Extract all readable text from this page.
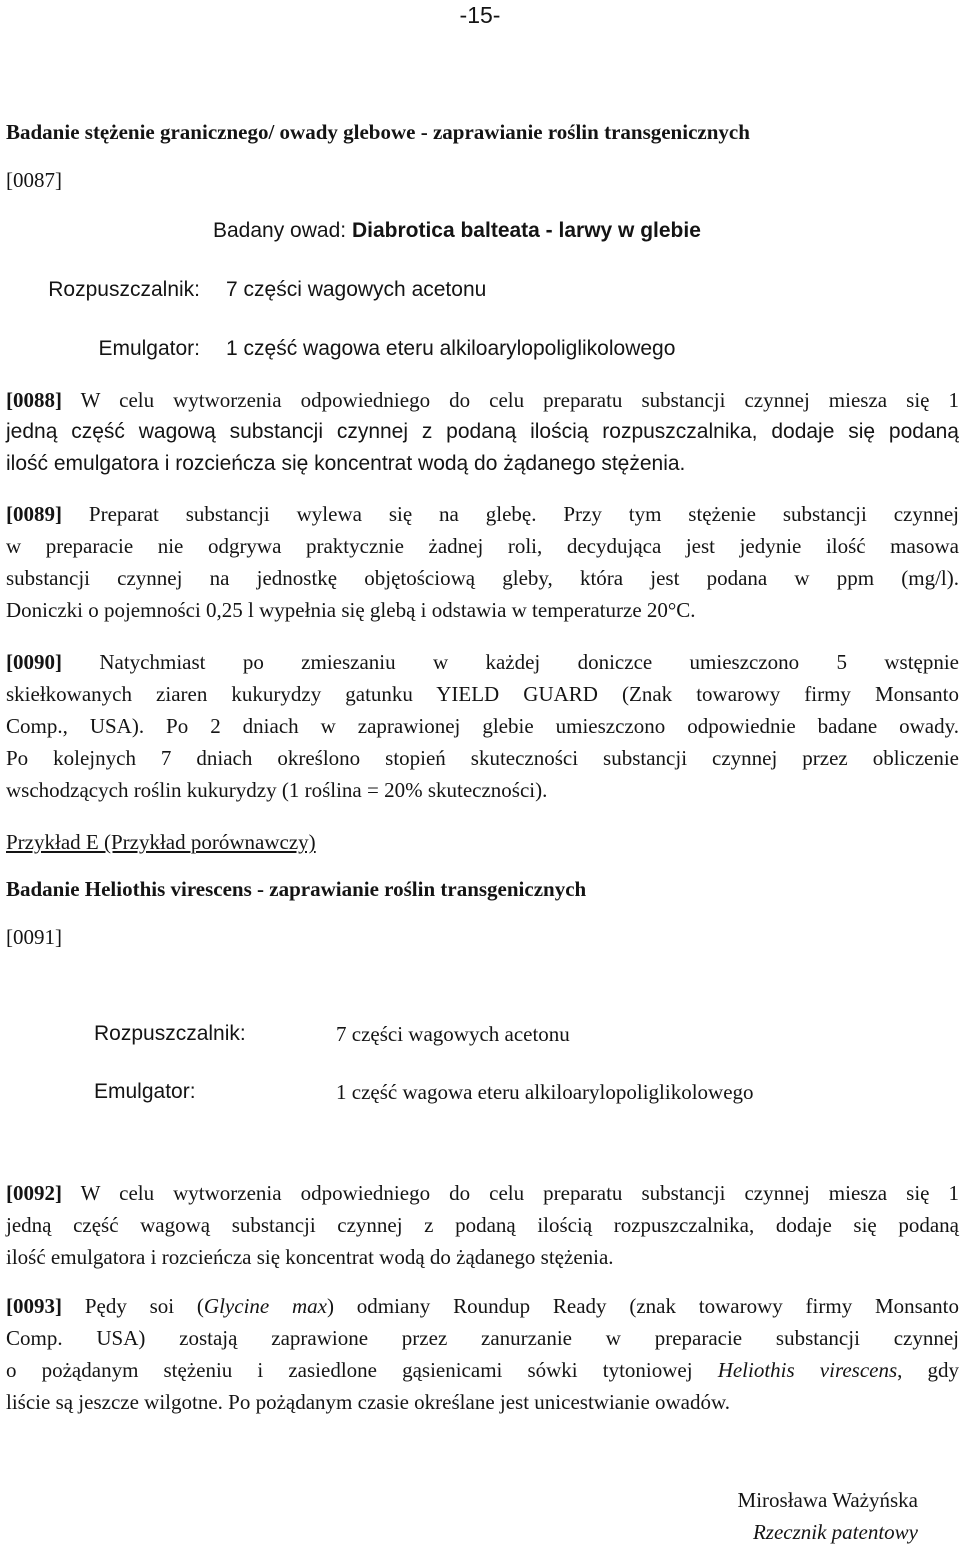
-15-
Badanie stężenie granicznego/ owady glebowe - zaprawianie roślin transgenicznych
[0087]
Badany owad: Diabrotica balteata - larwy w glebie
Rozpuszczalnik: 7 części wagowych acetonu
Emulgator: 1 część wagowa eteru alkiloarylopoliglikolowego
[0088] W celu wytworzenia odpowiedniego do celu preparatu substancji czynnej miesza się 1
jedną część wagową substancji czynnej z podaną ilością rozpuszczalnika, dodaje się podaną
ilość emulgatora i rozcieńcza się koncentrat wodą do żądanego stężenia.
[0089] Preparat substancji wylewa się na glebę. Przy tym stężenie substancji czynnej
w preparacie nie odgrywa praktycznie żadnej roli, decydująca jest jedynie ilość masowa
substancji czynnej na jednostkę objętościową gleby, która jest podana w ppm (mg/l).
Doniczki o pojemności 0,25 l wypełnia się glebą i odstawia w temperaturze 20°C.
[0090] Natychmiast po zmieszaniu w każdej doniczce umieszczono 5 wstępnie
skiełkowanych ziaren kukurydzy gatunku YIELD GUARD (Znak towarowy firmy Monsanto
Comp., USA). Po 2 dniach w zaprawionej glebie umieszczono odpowiednie badane owady.
Po kolejnych 7 dniach określono stopień skuteczności substancji czynnej przez obliczenie
wschodzących roślin kukurydzy (1 roślina = 20% skuteczności).
Przykład E (Przykład porównawczy)
Badanie Heliothis virescens - zaprawianie roślin transgenicznych
[0091]
Rozpuszczalnik:	7 części wagowych acetonu
Emulgator:	1 część wagowa eteru alkiloarylopoliglikolowego
[0092] W celu wytworzenia odpowiedniego do celu preparatu substancji czynnej miesza się 1
jedną część wagową substancji czynnej z podaną ilością rozpuszczalnika, dodaje się podaną
ilość emulgatora i rozcieńcza się koncentrat wodą do żądanego stężenia.
[0093] Pędy soi (Glycine max) odmiany Roundup Ready (znak towarowy firmy Monsanto
Comp. USA) zostają zaprawione przez zanurzanie w preparacie substancji czynnej
o pożądanym stężeniu i zasiedlone gąsienicami sówki tytoniowej Heliothis virescens, gdy
liście są jeszcze wilgotne. Po pożądanym czasie określane jest unicestwianie owadów.
Mirosława Ważyńska
Rzecznik patentowy
